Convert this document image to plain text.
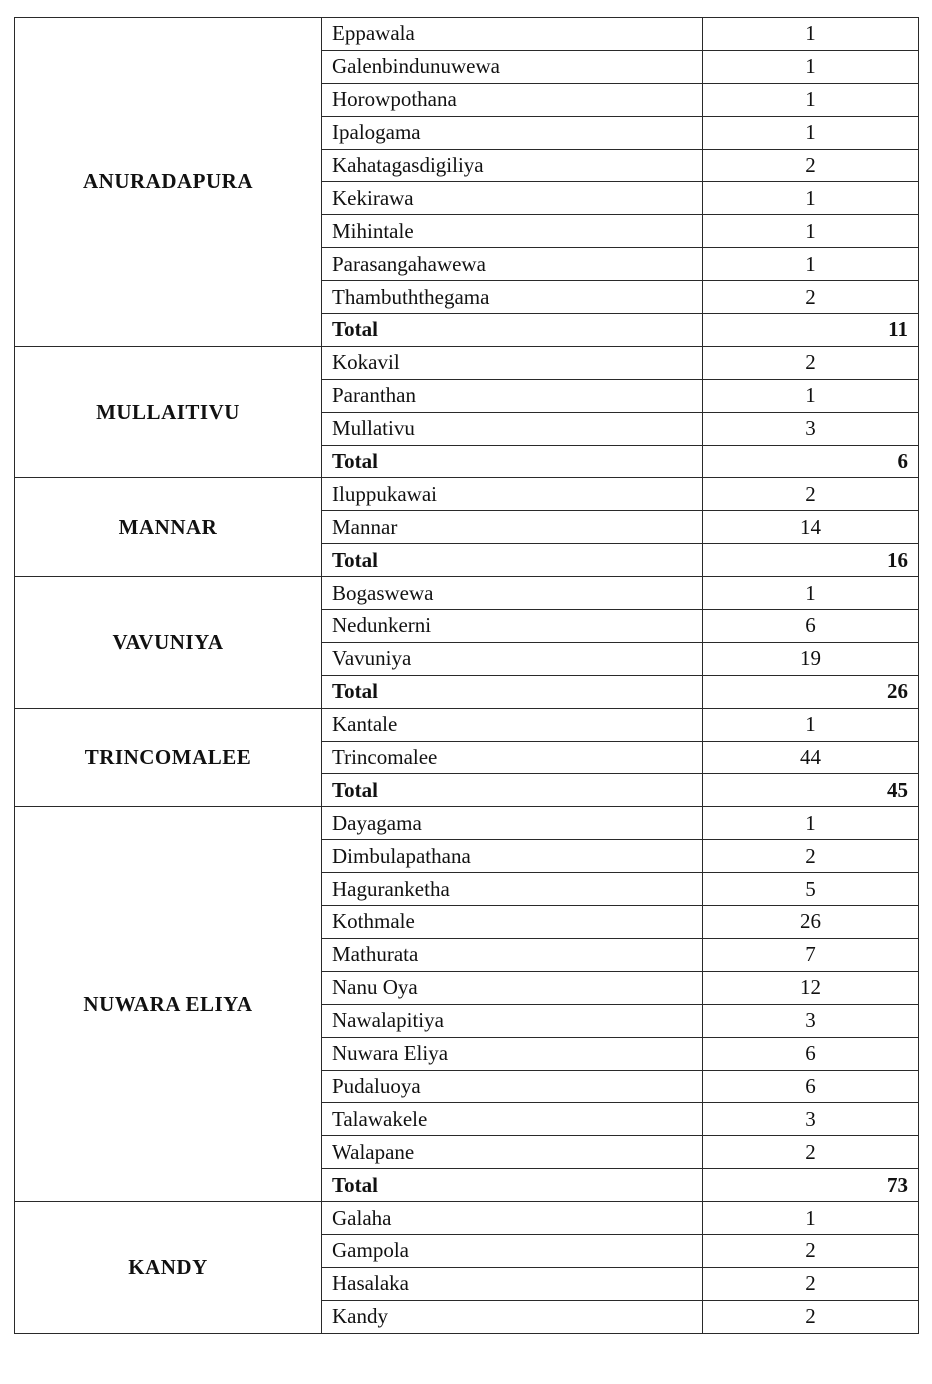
ANURADAPURA	Eppawala	1
	Galenbindunuwewa	1
	Horowpothana	1
	Ipalogama	1
	Kahatagasdigiliya	2
	Kekirawa	1
	Mihintale	1
	Parasangahawewa	1
	Thambuththegama	2
	Total	11
MULLAITIVU	Kokavil	2
	Paranthan	1
	Mullativu	3
	Total	6
MANNAR	Iluppukawai	2
	Mannar	14
	Total	16
VAVUNIYA	Bogaswewa	1
	Nedunkerni	6
	Vavuniya	19
	Total	26
TRINCOMALEE	Kantale	1
	Trincomalee	44
	Total	45
NUWARA ELIYA	Dayagama	1
	Dimbulapathana	2
	Haguranketha	5
	Kothmale	26
	Mathurata	7
	Nanu Oya	12
	Nawalapitiya	3
	Nuwara Eliya	6
	Pudaluoya	6
	Talawakele	3
	Walapane	2
	Total	73
KANDY	Galaha	1
	Gampola	2
	Hasalaka	2
	Kandy	2
